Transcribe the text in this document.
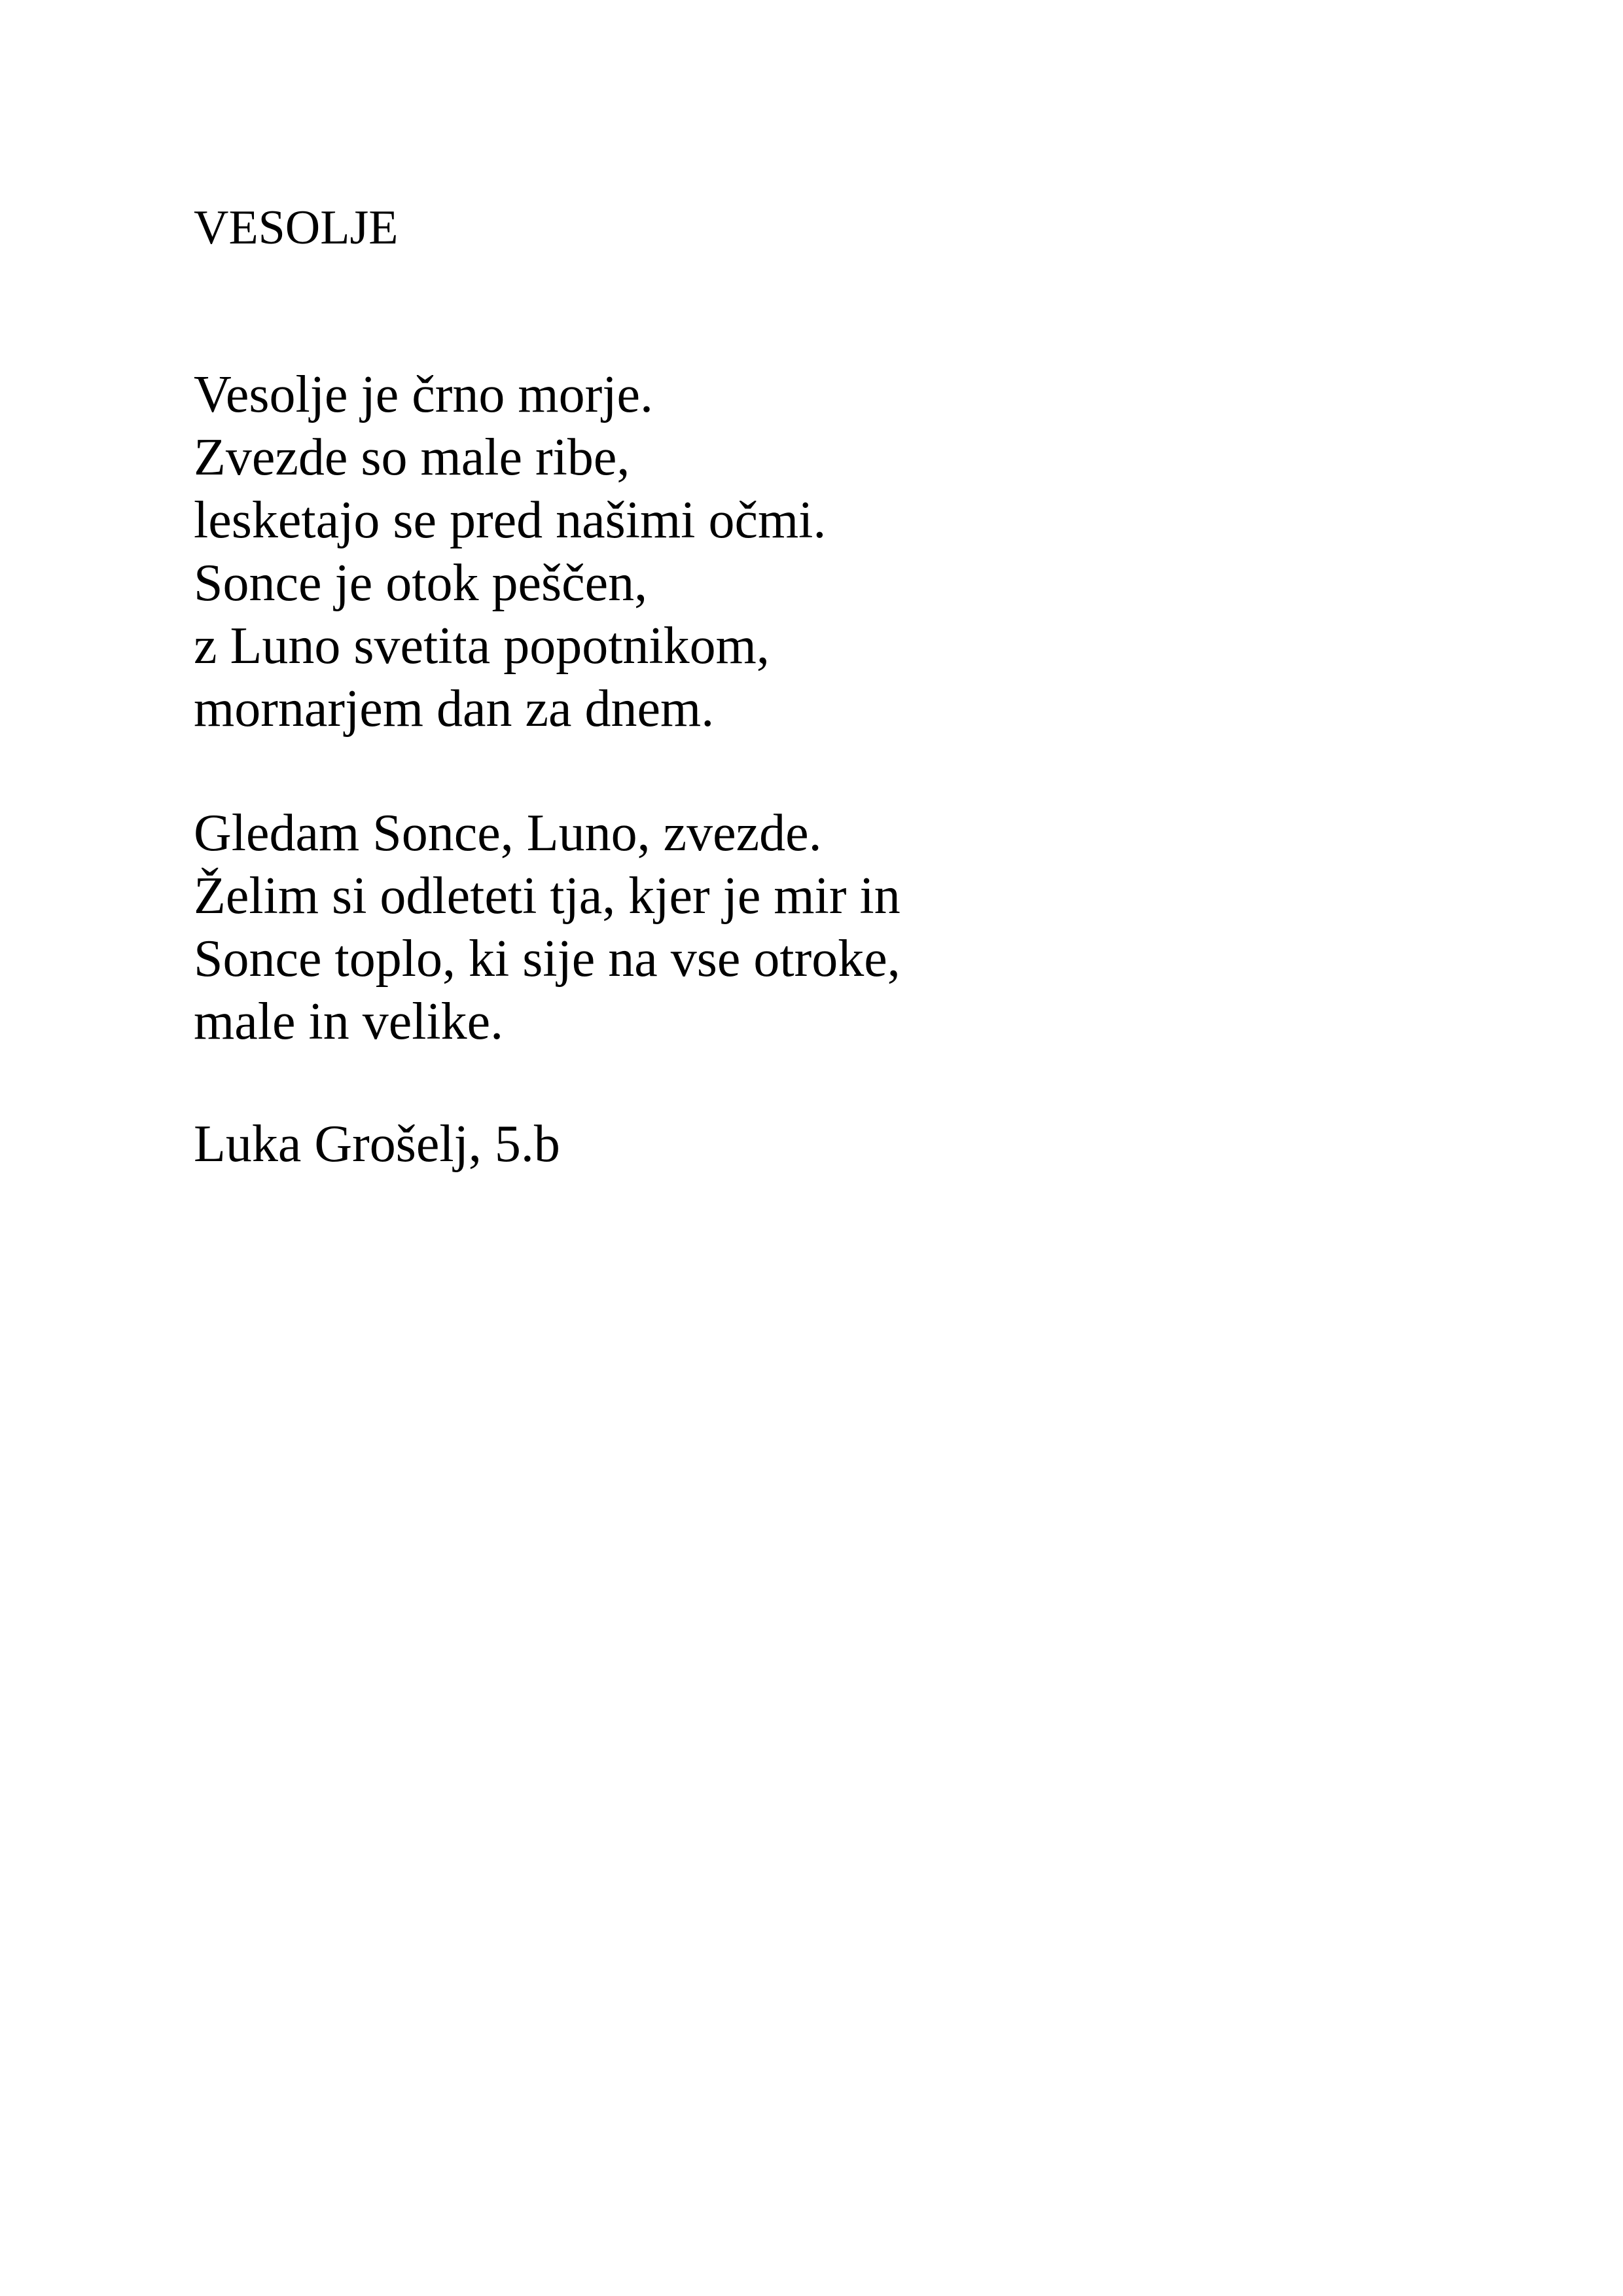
VESOLJE

Vesolje je črno morje.
Zvezde so male ribe,
lesketajo se pred našimi očmi.
Sonce je otok peščen,
z Luno svetita popotnikom,
mornarjem dan za dnem.

Gledam Sonce, Luno, zvezde.
Želim si odleteti tja, kjer je mir in
Sonce toplo, ki sije na vse otroke,
male in velike.

Luka Grošelj, 5.b
